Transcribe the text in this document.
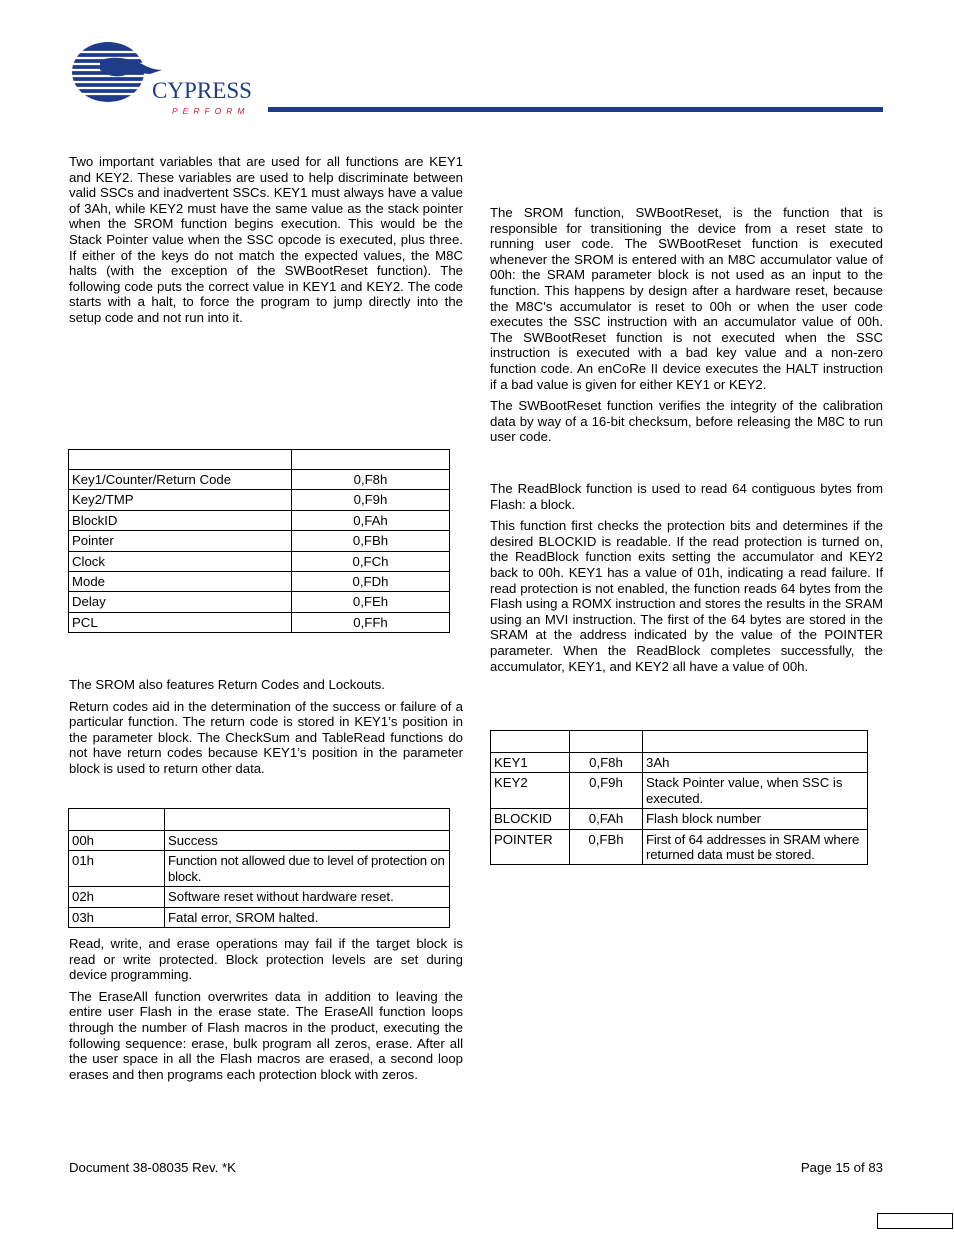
CYPRESS
PERFORM

Two important variables that are used for all functions are KEY1 and KEY2. These variables are used to help discriminate between valid SSCs and inadvertent SSCs. KEY1 must always have a value of 3Ah, while KEY2 must have the same value as the stack pointer when the SROM function begins execution. This would be the Stack Pointer value when the SSC opcode is executed, plus three. If either of the keys do not match the expected values, the M8C halts (with the exception of the SWBootReset function). The following code puts the correct value in KEY1 and KEY2. The code starts with a halt, to force the program to jump directly into the setup code and not run into it.

Key1/Counter/Return Code	0,F8h
Key2/TMP	0,F9h
BlockID	0,FAh
Pointer	0,FBh
Clock	0,FCh
Mode	0,FDh
Delay	0,FEh
PCL	0,FFh

The SROM also features Return Codes and Lockouts.

Return codes aid in the determination of the success or failure of a particular function. The return code is stored in KEY1’s position in the parameter block. The CheckSum and TableRead functions do not have return codes because KEY1’s position in the parameter block is used to return other data.

00h	Success
01h	Function not allowed due to level of protection on block.
02h	Software reset without hardware reset.
03h	Fatal error, SROM halted.

Read, write, and erase operations may fail if the target block is read or write protected. Block protection levels are set during device programming.

The EraseAll function overwrites data in addition to leaving the entire user Flash in the erase state. The EraseAll function loops through the number of Flash macros in the product, executing the following sequence: erase, bulk program all zeros, erase. After all the user space in all the Flash macros are erased, a second loop erases and then programs each protection block with zeros.

The SROM function, SWBootReset, is the function that is responsible for transitioning the device from a reset state to running user code. The SWBootReset function is executed whenever the SROM is entered with an M8C accumulator value of 00h: the SRAM parameter block is not used as an input to the function. This happens by design after a hardware reset, because the M8C's accumulator is reset to 00h or when the user code executes the SSC instruction with an accumulator value of 00h. The SWBootReset function is not executed when the SSC instruction is executed with a bad key value and a non-zero function code. An enCoRe II device executes the HALT instruction if a bad value is given for either KEY1 or KEY2.

The SWBootReset function verifies the integrity of the calibration data by way of a 16-bit checksum, before releasing the M8C to run user code.

The ReadBlock function is used to read 64 contiguous bytes from Flash: a block.

This function first checks the protection bits and determines if the desired BLOCKID is readable. If the read protection is turned on, the ReadBlock function exits setting the accumulator and KEY2 back to 00h. KEY1 has a value of 01h, indicating a read failure. If read protection is not enabled, the function reads 64 bytes from the Flash using a ROMX instruction and stores the results in the SRAM using an MVI instruction. The first of the 64 bytes are stored in the SRAM at the address indicated by the value of the POINTER parameter. When the ReadBlock completes successfully, the accumulator, KEY1, and KEY2 all have a value of 00h.

KEY1	0,F8h	3Ah
KEY2	0,F9h	Stack Pointer value, when SSC is executed.
BLOCKID	0,FAh	Flash block number
POINTER	0,FBh	First of 64 addresses in SRAM where returned data must be stored.
Document 38-08035 Rev. *K	Page 15 of 83
